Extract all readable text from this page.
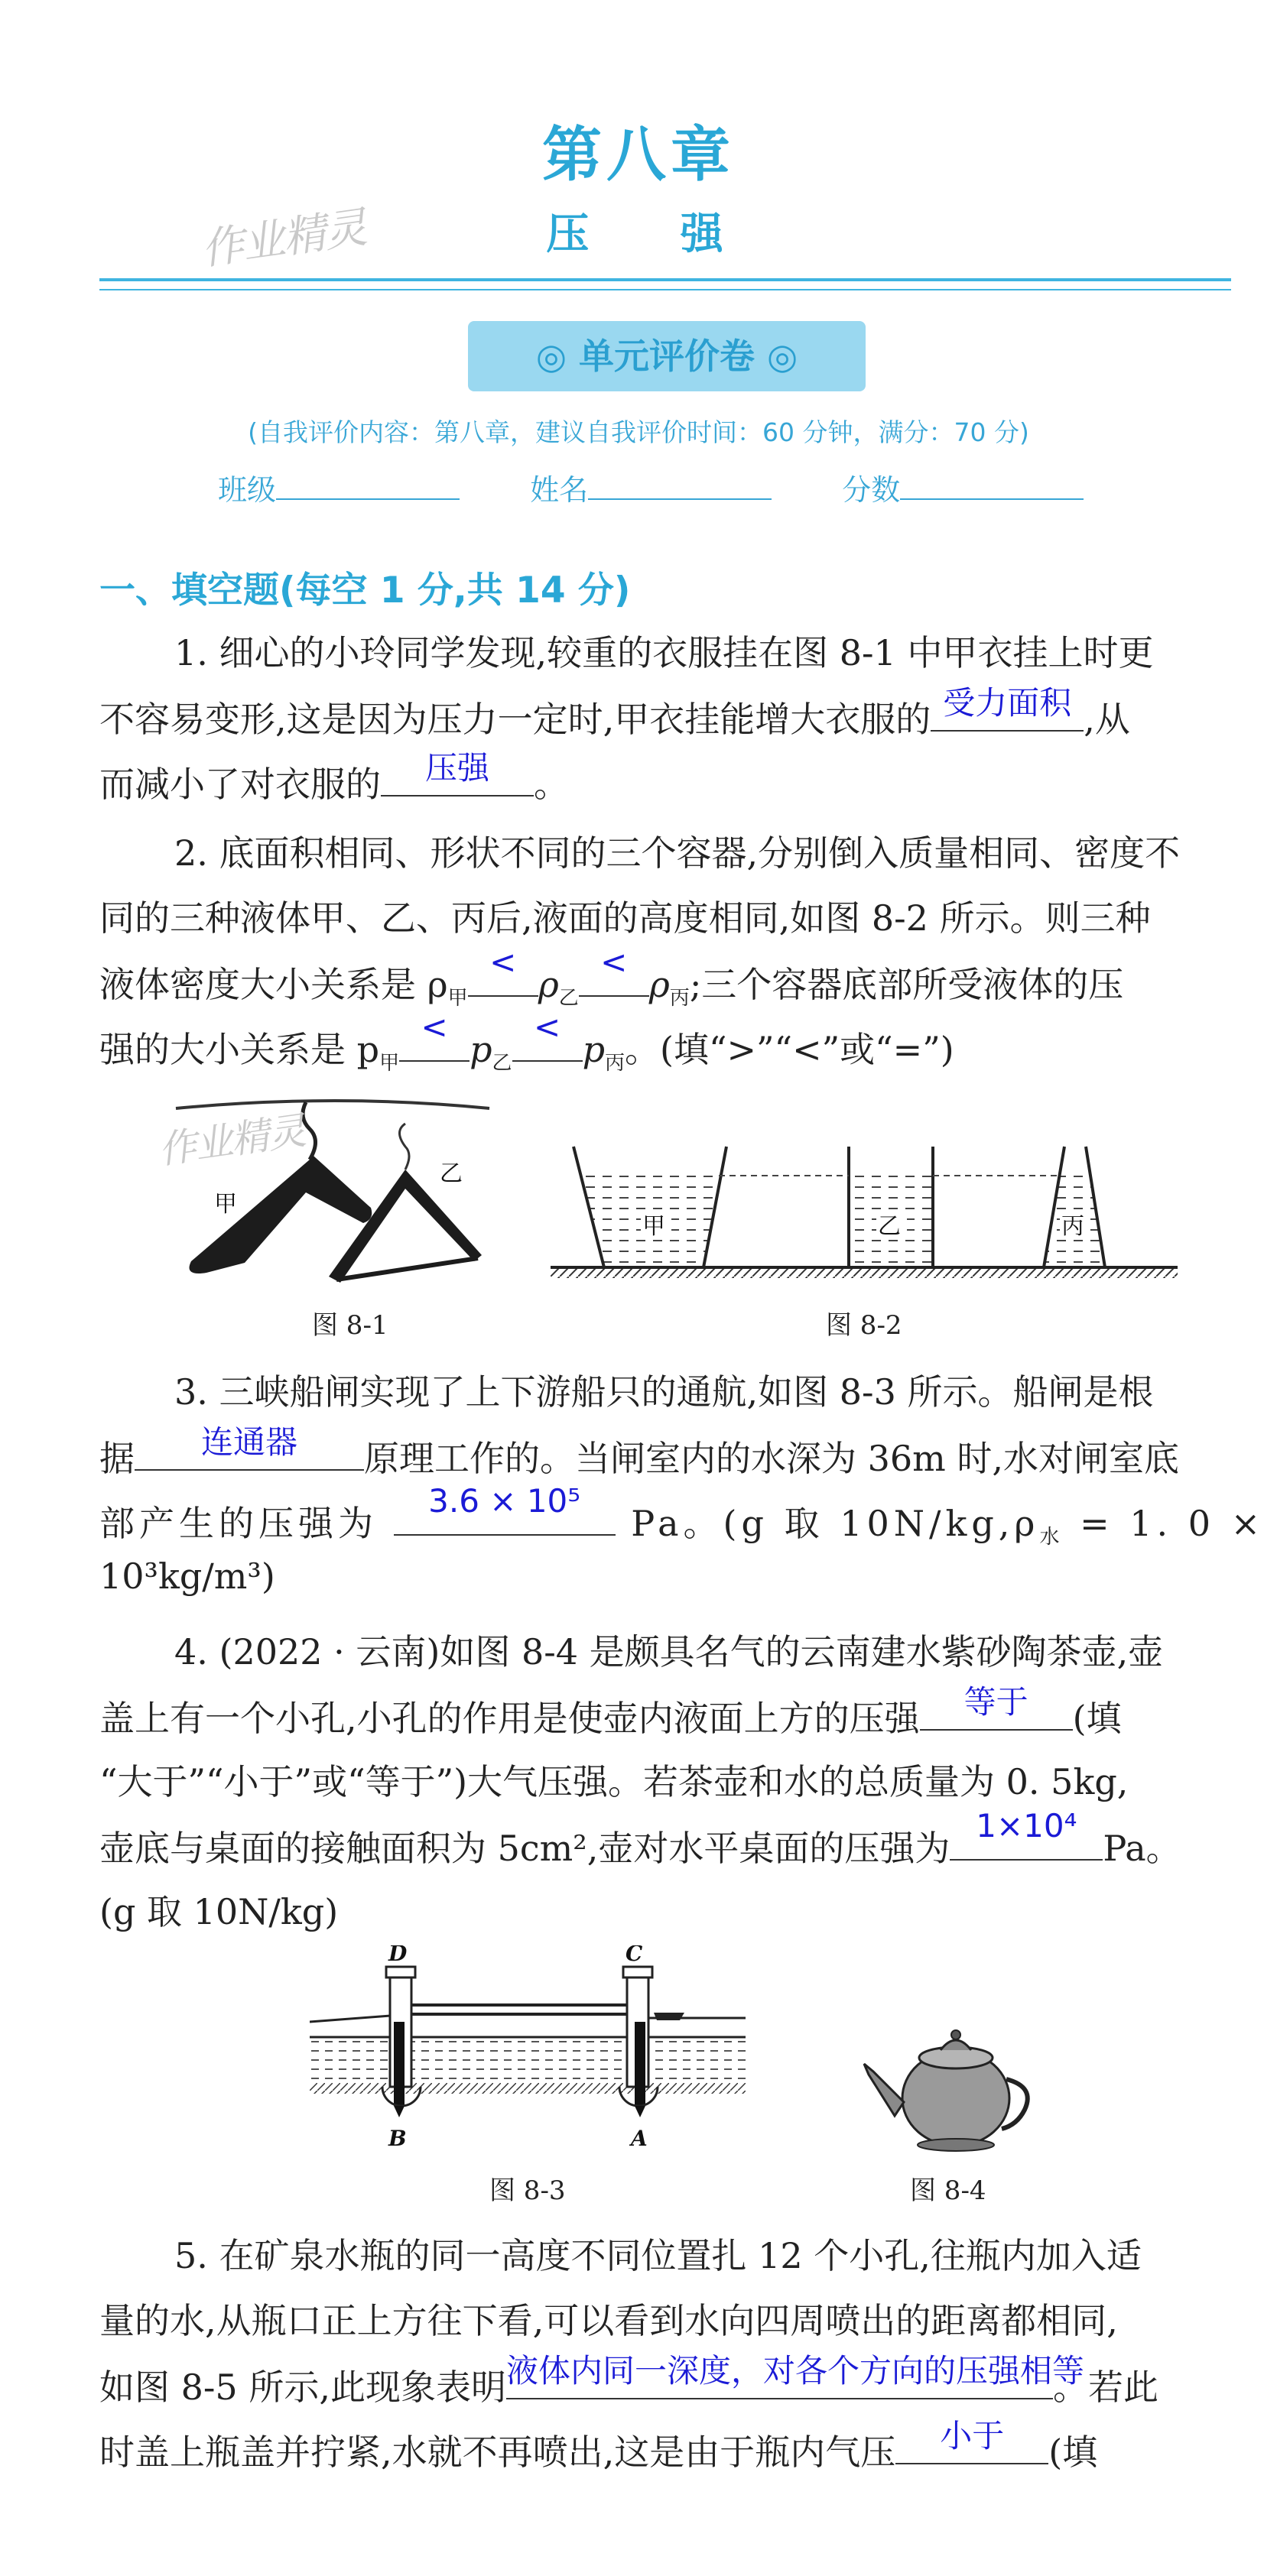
第八章
压 强
作业精灵
◎ 单元评价卷 ◎
(自我评价内容：第八章，建议自我评价时间：60 分钟，满分：70 分)
班级	姓名	分数
一、填空题(每空 1 分,共 14 分)
1. 细心的小玲同学发现,较重的衣服挂在图 8-1 中甲衣挂上时更
不容易变形,这是因为压力一定时,甲衣挂能增大衣服的 受力面积 ,从
而减小了对衣服的	压强	。
2. 底面积相同、形状不同的三个容器,分别倒入质量相同、密度不
同的三种液体甲、乙、丙后,液面的高度相同,如图 8-2 所示。则三种
液体密度大小关系是 $\rho_甲$
<
$\rho_乙$
<
$\rho_丙$;三个容器底部所受液体的压
强的大小关系是 $p_甲$
<
$p_乙$
<
$p_丙$。(填“>”“<”或“=”)
甲
乙
作业精灵
图 8-1
甲	乙	丙
图 8-2
3. 三峡船闸实现了上下游船只的通航,如图 8-3 所示。船闸是根
据	连通器	原理工作的。当闸室内的水深为 36m 时,水对闸室底
部产生的压强为
3.6 × 10⁵
Pa。(g 取 $10N/kg,\rho_水 = 1$. 0 ×
10³kg/m³)
4. (2022 · 云南)如图 8-4 是颇具名气的云南建水紫砂陶茶壶,壶
盖上有一个小孔,小孔的作用是使壶内液面上方的压强	等于	(填
“大于”“小于”或“等于”)大气压强。若茶壶和水的总质量为 0. 5kg,
壶底与桌面的接触面积为 5cm²,壶对水平桌面的压强为
1×10⁴
Pa。
(g 取 10N/kg)
D	C
B	A
图 8-3	图 8-4
5. 在矿泉水瓶的同一高度不同位置扎 12 个小孔,往瓶内加入适
量的水,从瓶口正上方往下看,可以看到水向四周喷出的距离都相同,
如图 8-5 所示,此现象表明 液体内同一深度，对各个方向的压强相等
。若此
时盖上瓶盖并拧紧,水就不再喷出,这是由于瓶内气压	小于	(填
